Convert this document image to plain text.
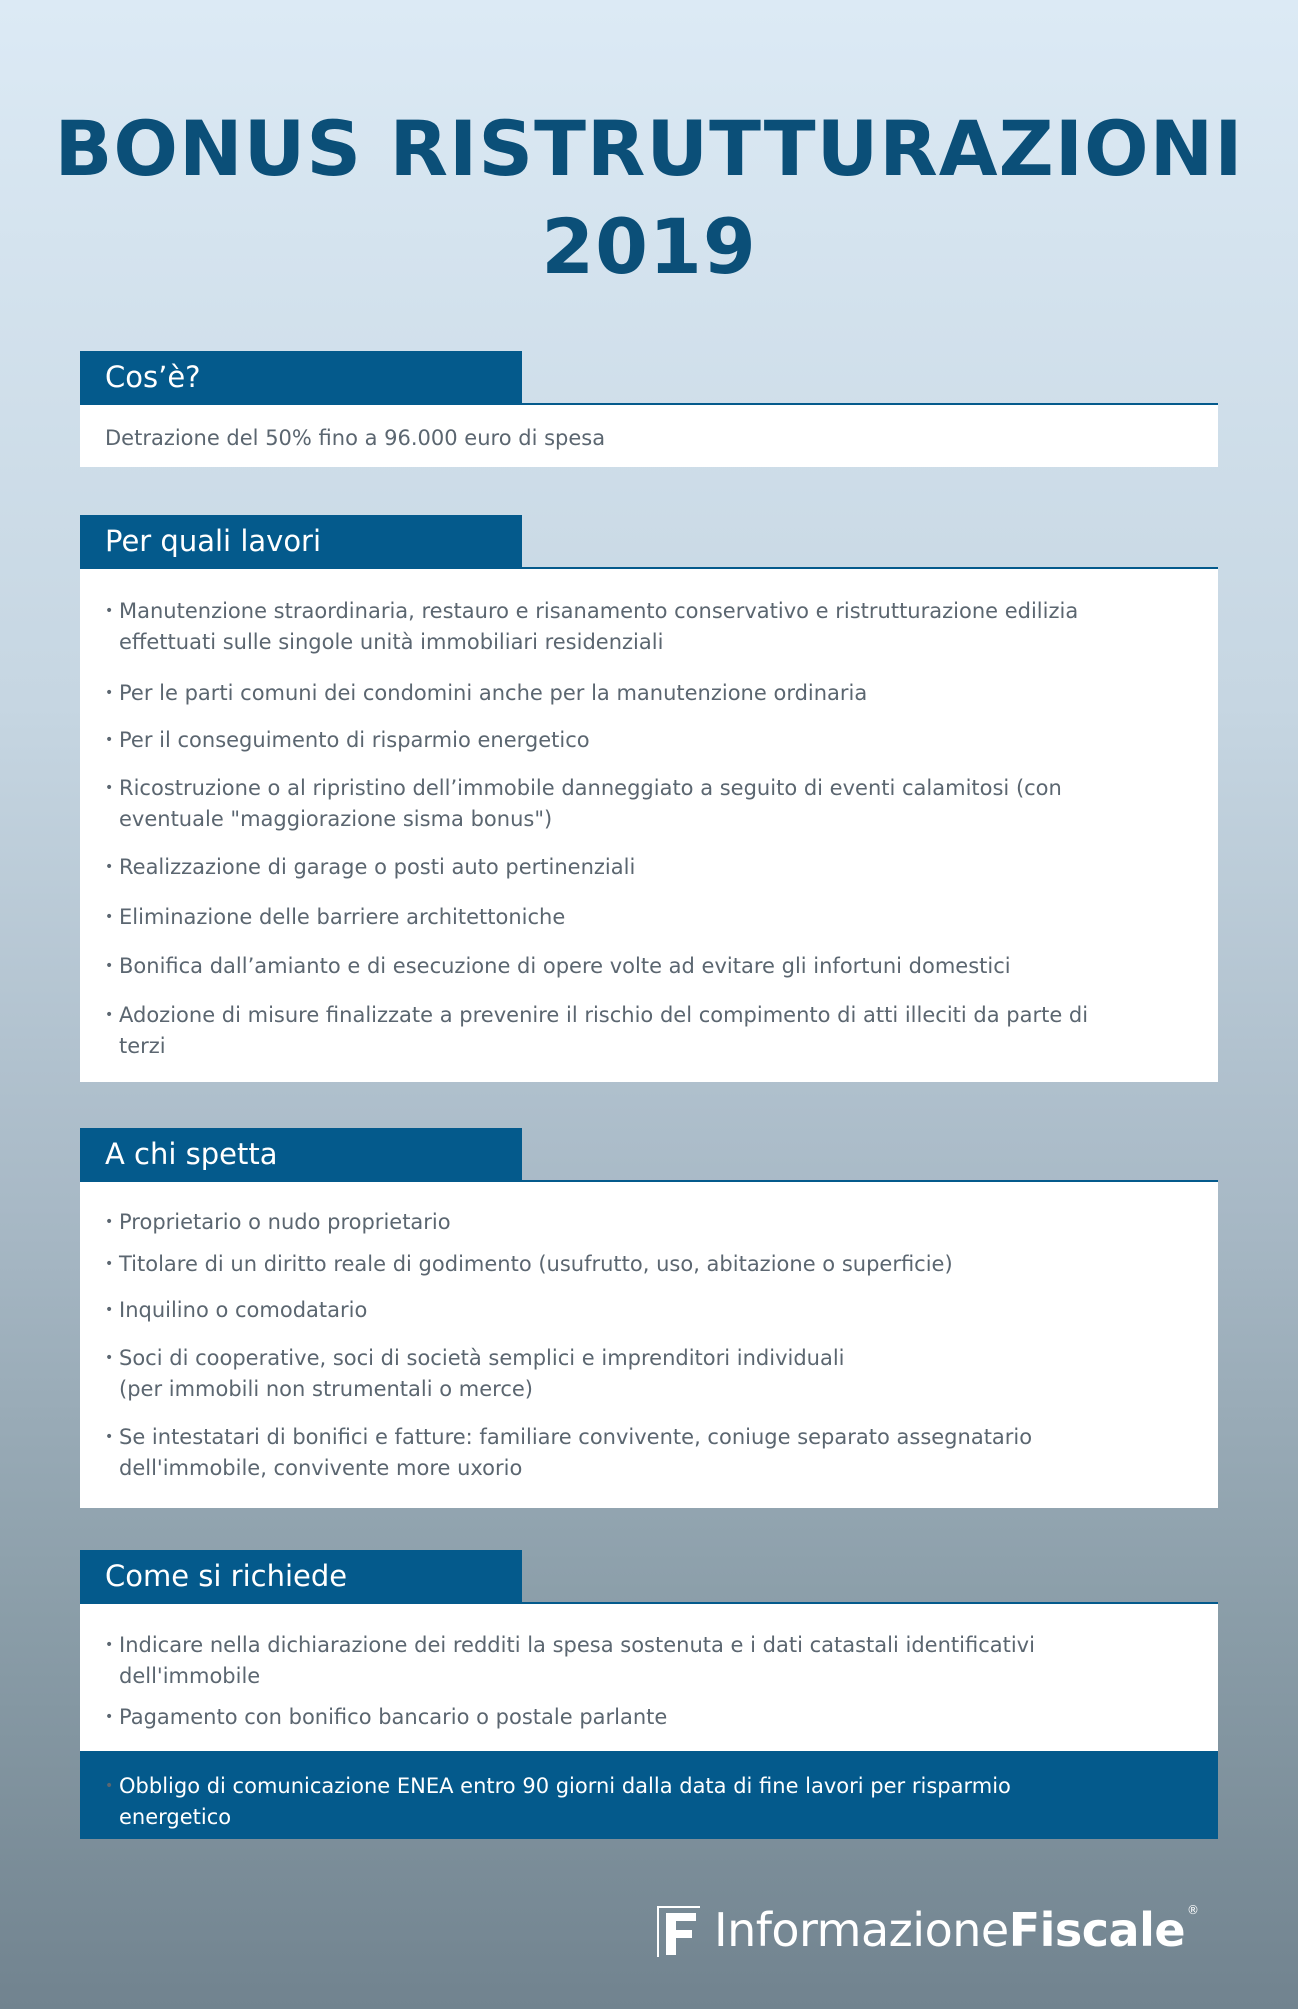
BONUS RISTRUTTURAZIONI
2019
Cos’è?

Detrazione del 50% fino a 96.000 euro di spesa

Per quali lavori
• Manutenzione straordinaria, restauro e risanamento conservativo e ristrutturazione edilizia
effettuati sulle singole unità immobiliari residenziali
• Per le parti comuni dei condomini anche per la manutenzione ordinaria
• Per il conseguimento di risparmio energetico
• Ricostruzione o al ripristino dell’immobile danneggiato a seguito di eventi calamitosi (con
eventuale "maggiorazione sisma bonus")
• Realizzazione di garage o posti auto pertinenziali
• Eliminazione delle barriere architettoniche
• Bonifica dall’amianto e di esecuzione di opere volte ad evitare gli infortuni domestici
• Adozione di misure finalizzate a prevenire il rischio del compimento di atti illeciti da parte di
terzi
A chi spetta
• Proprietario o nudo proprietario
• Titolare di un diritto reale di godimento (usufrutto, uso, abitazione o superficie)
• Inquilino o comodatario
• Soci di cooperative, soci di società semplici e imprenditori individuali
(per immobili non strumentali o merce)
• Se intestatari di bonifici e fatture: familiare convivente, coniuge separato assegnatario
dell'immobile, convivente more uxorio
Come si richiede
• Indicare nella dichiarazione dei redditi la spesa sostenuta e i dati catastali identificativi
dell'immobile
• Pagamento con bonifico bancario o postale parlante
• Obbligo di comunicazione ENEA entro 90 giorni dalla data di fine lavori per risparmio
energetico
InformazioneFiscale ®
